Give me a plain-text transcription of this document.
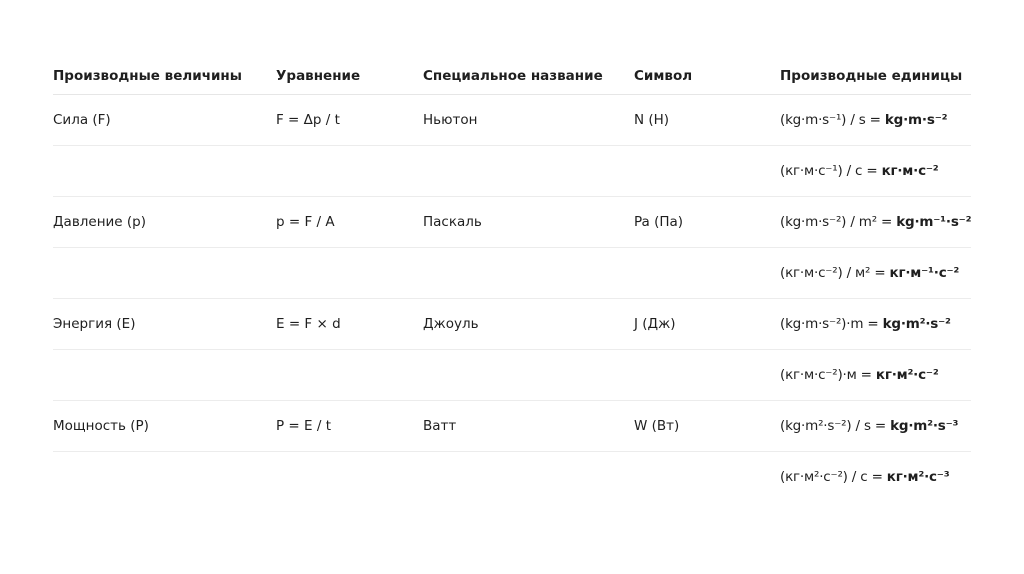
Производные величины	Уравнение	Специальное название	Символ	Производные единицы
Сила (F)	F = Δp / t	Ньютон	N (Н)	(kg·m·s⁻¹) / s = kg·m·s⁻²
				(кг·м·с⁻¹) / с = кг·м·с⁻²
Давление (p)	p = F / A	Паскаль	Pa (Па)	(kg·m·s⁻²) / m² = kg·m⁻¹·s⁻²
				(кг·м·с⁻²) / м² = кг·м⁻¹·с⁻²
Энергия (E)	E = F × d	Джоуль	J (Дж)	(kg·m·s⁻²)·m = kg·m²·s⁻²
				(кг·м·с⁻²)·м = кг·м²·с⁻²
Мощность (P)	P = E / t	Ватт	W (Вт)	(kg·m²·s⁻²) / s = kg·m²·s⁻³
				(кг·м²·с⁻²) / с = кг·м²·с⁻³
